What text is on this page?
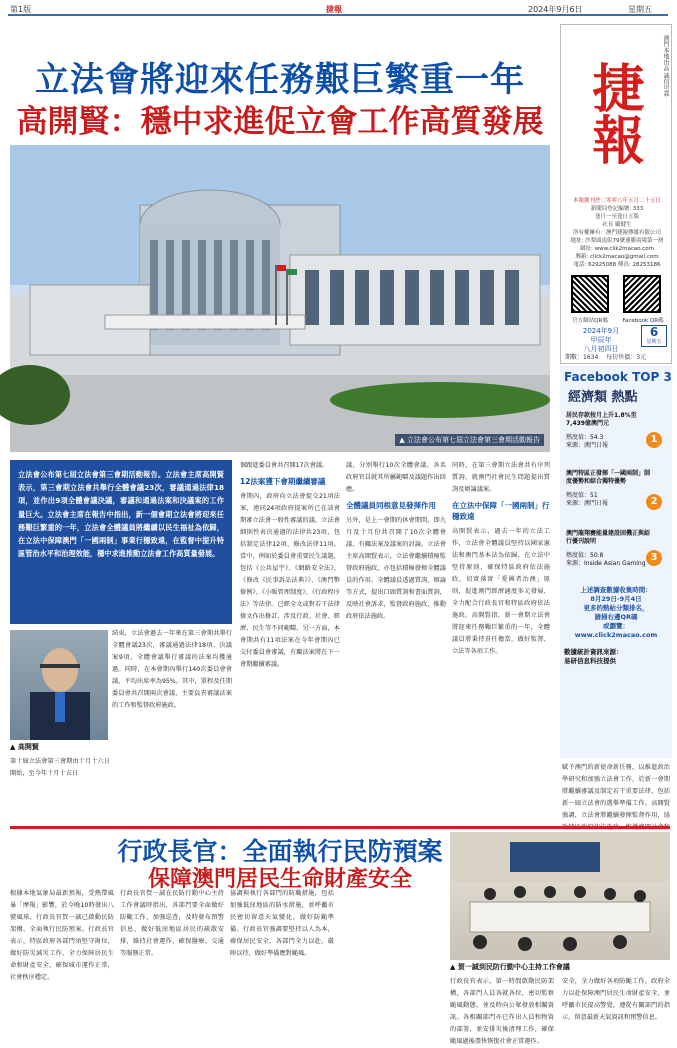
第1版	捷報	2024年9月6日	星期五
立法會將迎來任務艱巨繁重一年
高開賢：穩中求進促立會工作高質發展
▲ 立法會公布第七屆立法會第三會期活動報告
澳門本地出品 誠信可靠
捷報
本報創刊於二零零八年五月二十五日
新聞局登記編號: 333
逢日一至逢日五版
社長 顧健生
所有權擁有：澳門捷報傳媒有限公司
地址: 沙梨頭南街79號連勝商場第一層
網址: www.clik2macao.com
郵箱: click2macao@gmail.com
電話: 62925088 傳真: 28253186
官方網站QR碼	Facebook QR碼
2024年9月
甲辰年
八月初四日
6
星期五
期數：1634 每份售價：3元
Facebook TOP 3
經濟類 熱點
居民存款按月上升1.8%至7,439億澳門元
熱度值：54.3
來源：澳門日報
1
澳門特區正發揮「一國兩制」制度優勢和綜合獨特優勢
熱度值：51
來源：澳門日報	2
澳門龍翔賽能量建設固機正與紹行優刊說明
熱度值：50.8
來源：Inside Asian Gaming
3
上述調查數據收集時間：
8月29日-9月4日
更多的熱帖分類排名，
請掃右邊QR碼
或瀏覽：
www.click2macao.com
數據統計資訊來源：
易研信息科技提供
立法會公布第七屆立法會第三會期活動報告。立法會主席高開賢表示，第三會期立法會共舉行全體會議23次，審議通過法律18項，並作出9項全體會議決議，審議和通過法案和決議案的工作量巨大。立法會主席在報告中指出，新一個會期立法會將迎來任務艱巨繁重的一年，立法會全體議員將繼續以民生福祉為依歸，在立法中保障澳門「一國兩制」事業行穩致遠，在監督中提升特區管治水平和治理效能，穩中求進推動立法會工作高質量發展。
▲ 高開賢
第十屆立法會第三會期由十月十六日開始，至今年十月十五日
結束，立法會過去一年來在第三會期共舉行全體會議23次，審議通過法律18項、決議案9項，全體會議舉行審議的法案均獲通過。同時，在本會期內舉行140次委員會會議，平均出席率為95%。其中，單程及任期委員會共召開兩次會議，主要負責審議法案的工作和監督政府施政。
個跟進委員會共召開17次會議。
12法案獲下會期繼續審議
會期內，政府向立法會提交21項法案，連同24項政府提案所已在該會期審立法會一般性審議的議，立法會細則性表決通過的法律共23項，包括制定法律12項、修改法律11項。當中，例如於委員會重要民生議題，包括《公共屋宇》、《網路安全法》、《修改《民事訴訟法典》》、《澳門幣條例》、《小販管理制度》、《行政程序法》等法律。已經全文或對若干法律條文作出修訂，涉及行政、社會、經濟、民生等不同範疇。另一方面，本會期共有11項法案在今年會期內已交付委員會審議，有關法案將在下一會期繼續審議。
議，分別舉行10次全體會議、各名政府官員就其所屬範疇及議題作出回應。
全體議員同根意見發揮作用
另外，是上一會期的休會期間，即九月及十月份共召開了10次全體會議、有關法案及議案的討論。立法會主席高開賢表示，立法會繼續積極監督政府施政，亦包括積極發揮全體議員的作用。全體議員透過質詢、辯論等方式，提出口頭質詢和書面質詢，反映社會訴求，監督政府施政，推動政府依法施政。
同時，在第三會期立法會共有序列質詢、就澳門社會民生問題提出質詢及辯論議案。
在立法中保障「一國兩制」行穩致遠
高開賢表示，過去一年的立法工作，立法會全體議員堅持以國家憲法和澳門基本法為依歸，在立法中堅持原則，確保特區政府依法施政，切實落實「愛國者治澳」原則，促進澳門經濟適度多元發展，全力配合行政長官和特區政府依法施政。高開賢指，新一會期立法會將迎來任務艱巨繁重的一年，全體議員將秉持責任擔當，做好監督、立法等各項工作。
賦予澳門的新使命新任務，以推進政治學研究和加強立法會工作，於新一會期將繼續審議及制定若干重要法律，包括新一屆立法會的選舉準備工作。高開賢強調，立法會將繼續發揮監督作用，協
行政長官：全面執行民防預案
保障澳門居民生命財產安全
根據本地氣象局最新預報，受熱帶風暴「摩羯」影響，於今晚10時發出八號風球，行政長官賀一誠已啟動民防架構，全面執行民防預案。行政長官表示，特區政府各部門須堅守崗位，做好防災減災工作，全力保障居民生命和財產安全，確保城市運作正常，社會秩序穩定。
行政長官賀一誠在民防行動中心主持工作會議時指出，各部門要全面做好防颱工作，加強巡查，及時發布預警信息，做好低窪地區居民的疏散安排，維持社會運作，確保醫療、交通等服務正常。
協調與執行各部門的防颱措施，包括加強低窪地區的防水措施，並呼籲市民密切留意天氣變化，做好防颱準備。行政長官強調要堅持以人為本，確保居民安全，各部門全力以赴、嚴陣以待，做好準備應對颱風。
▲ 賀一誠到民防行動中心主持工作會議
行政長官表示，第一時間啟動民防架構，各部門人員各就各位，密切監察颱風動態，並及時向公眾發放相關資訊。各相關部門亦已作出人員和物資的部署，並安排災後清理工作，確保颱風過後盡快恢復社會正常運作。
安全，全力做好各項防颱工作。政府全力以赴保障澳門居民生命財產安全，並呼籲市民提高警覺，遵從有關部門的指示，留意最新天氣資訊和預警信息。
